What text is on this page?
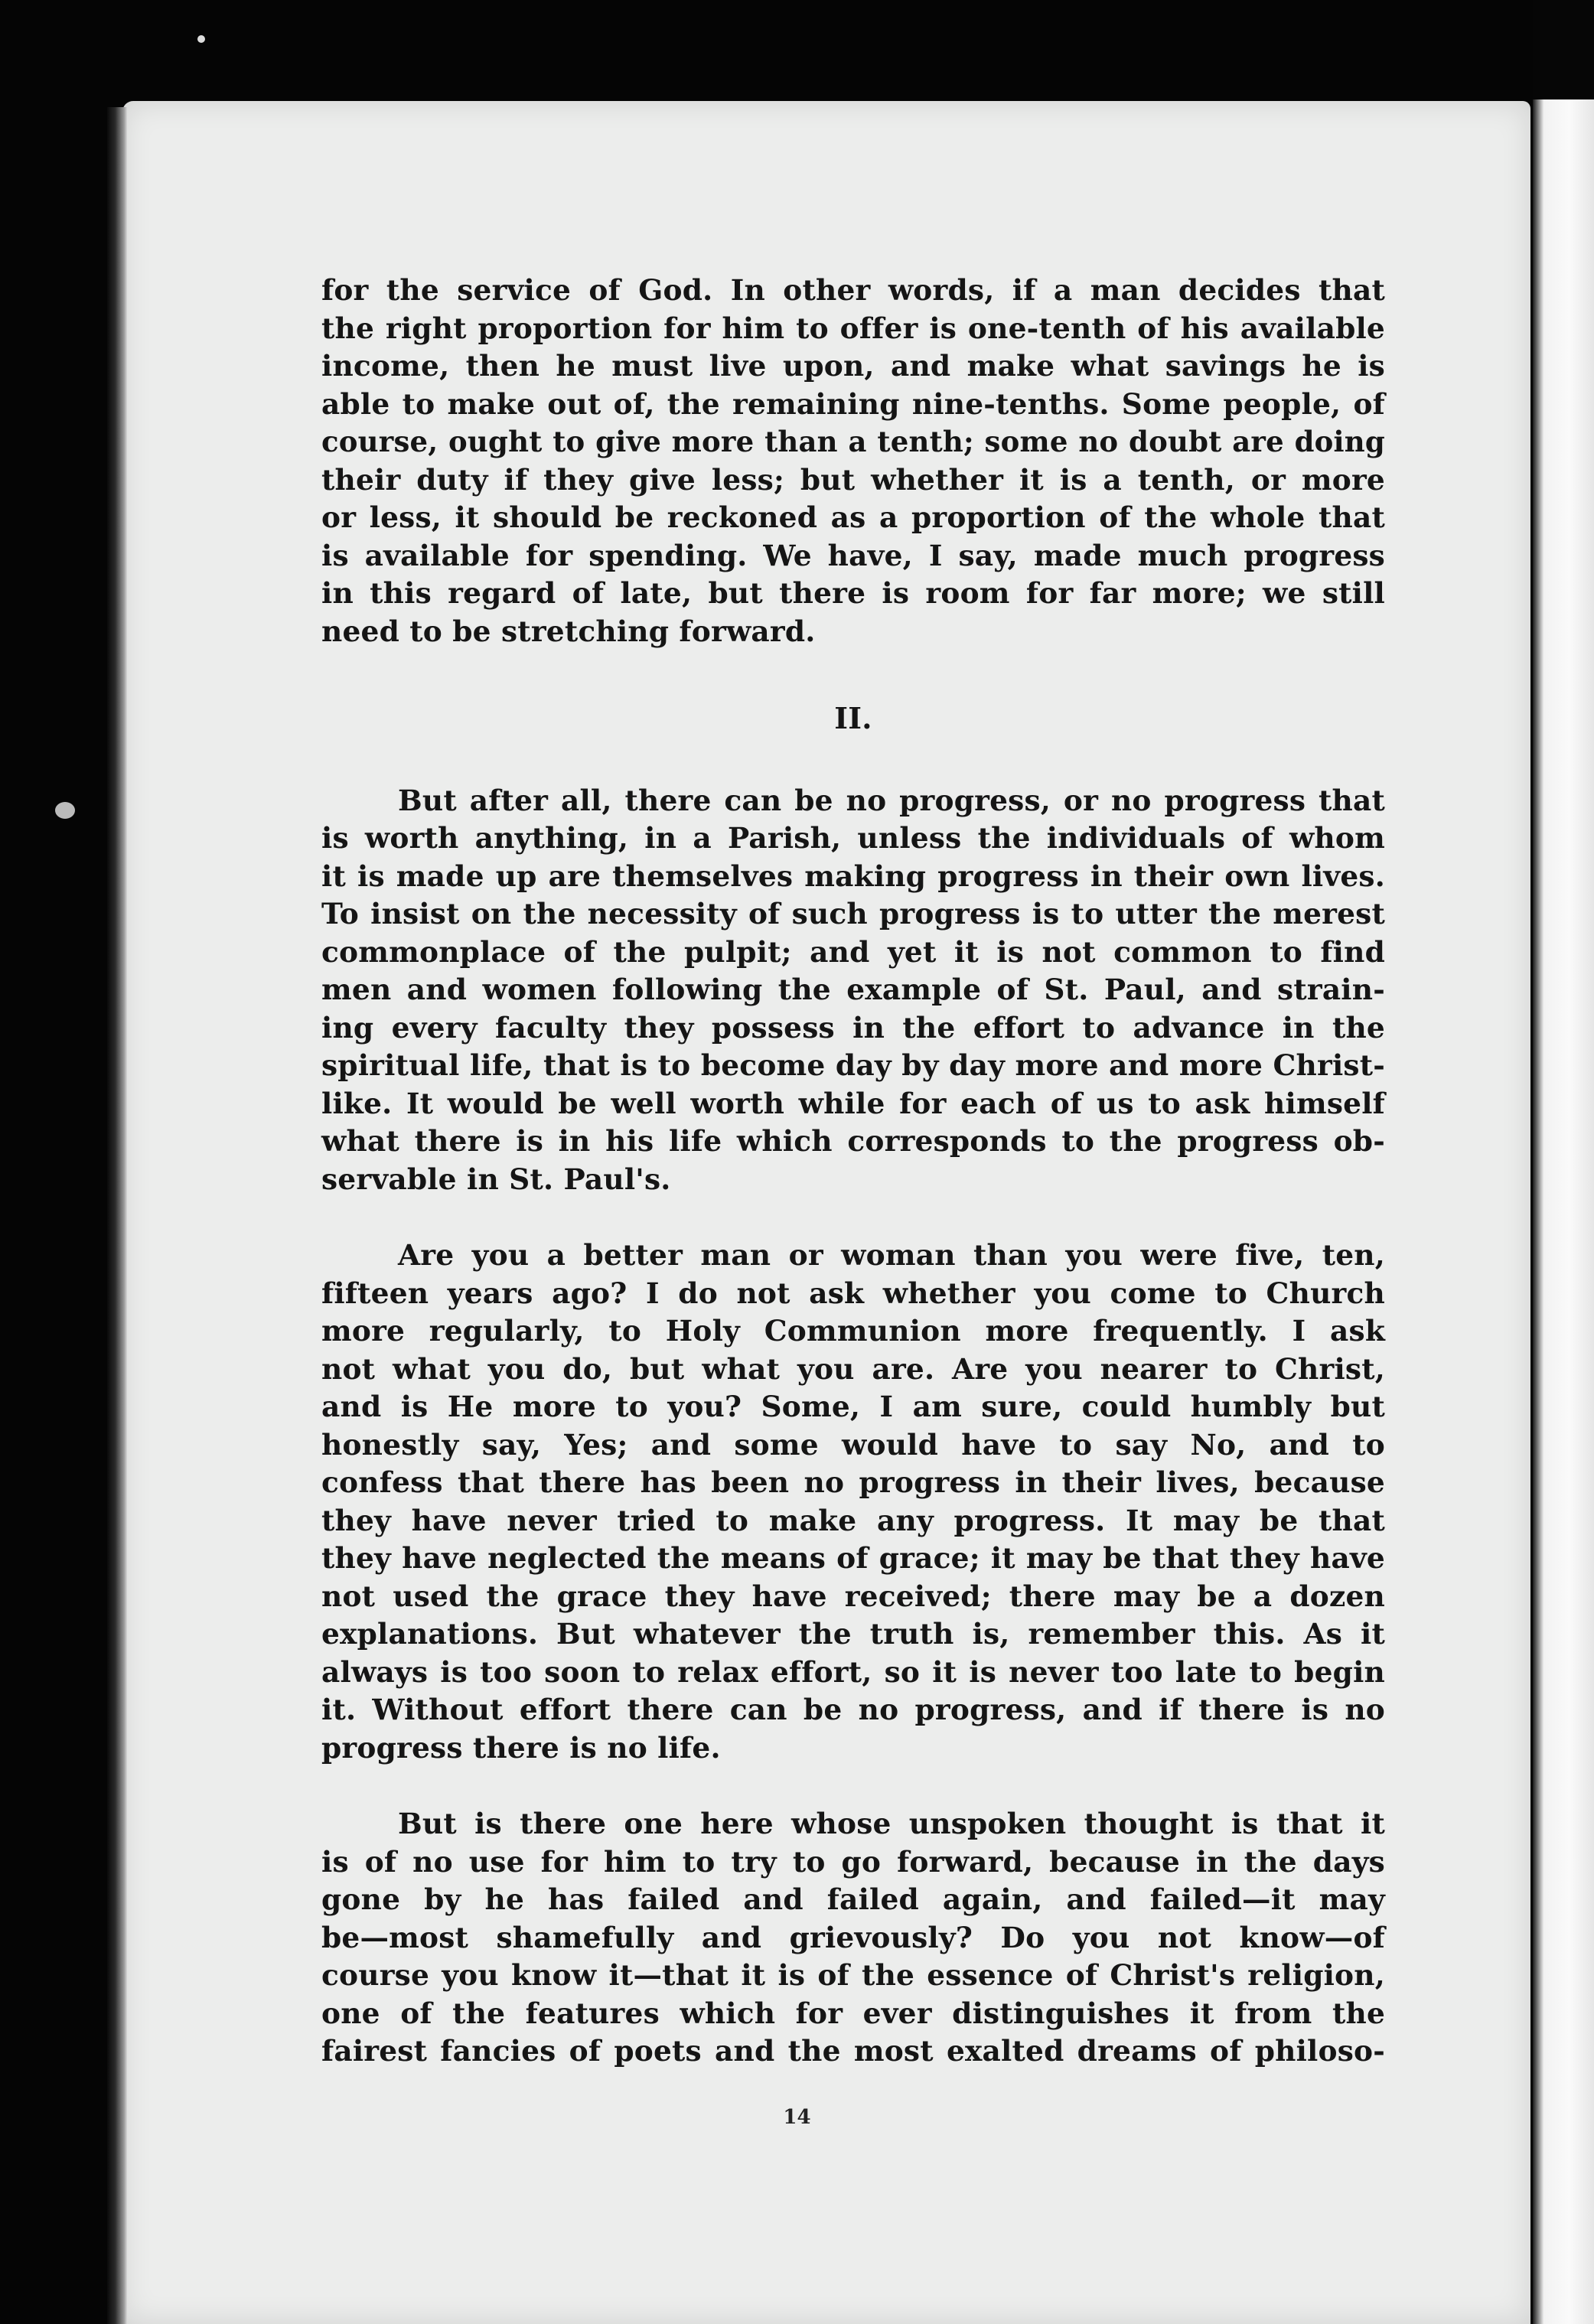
for the service of God. In other words, if a man decides that
the right proportion for him to offer is one-tenth of his available
income, then he must live upon, and make what savings he is
able to make out of, the remaining nine-tenths. Some people, of
course, ought to give more than a tenth; some no doubt are doing
their duty if they give less; but whether it is a tenth, or more
or less, it should be reckoned as a proportion of the whole that
is available for spending. We have, I say, made much progress
in this regard of late, but there is room for far more; we still
need to be stretching forward.
II.
But after all, there can be no progress, or no progress that
is worth anything, in a Parish, unless the individuals of whom
it is made up are themselves making progress in their own lives.
To insist on the necessity of such progress is to utter the merest
commonplace of the pulpit; and yet it is not common to find
men and women following the example of St. Paul, and strain-
ing every faculty they possess in the effort to advance in the
spiritual life, that is to become day by day more and more Christ-
like. It would be well worth while for each of us to ask himself
what there is in his life which corresponds to the progress ob-
servable in St. Paul's.
Are you a better man or woman than you were five, ten,
fifteen years ago? I do not ask whether you come to Church
more regularly, to Holy Communion more frequently. I ask
not what you do, but what you are. Are you nearer to Christ,
and is He more to you? Some, I am sure, could humbly but
honestly say, Yes; and some would have to say No, and to
confess that there has been no progress in their lives, because
they have never tried to make any progress. It may be that
they have neglected the means of grace; it may be that they have
not used the grace they have received; there may be a dozen
explanations. But whatever the truth is, remember this. As it
always is too soon to relax effort, so it is never too late to begin
it. Without effort there can be no progress, and if there is no
progress there is no life.
But is there one here whose unspoken thought is that it
is of no use for him to try to go forward, because in the days
gone by he has failed and failed again, and failed—it may
be—most shamefully and grievously? Do you not know—of
course you know it—that it is of the essence of Christ's religion,
one of the features which for ever distinguishes it from the
fairest fancies of poets and the most exalted dreams of philoso-
14
